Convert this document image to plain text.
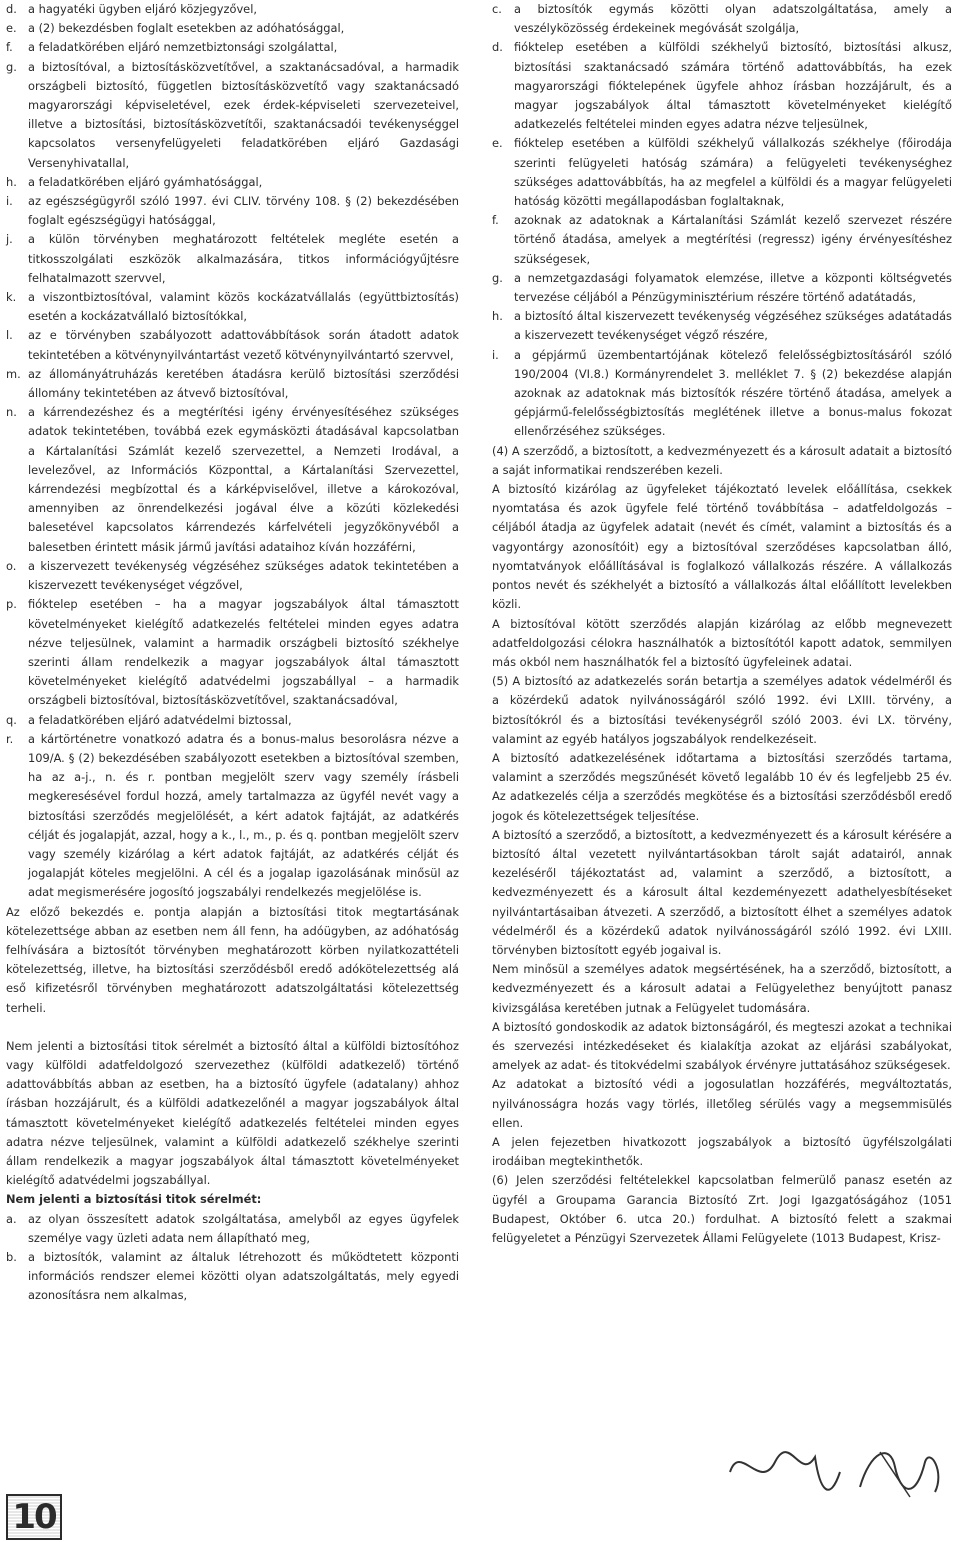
d. a hagyatéki ügyben eljáró közjegyzővel,
e. a (2) bekezdésben foglalt esetekben az adóhatósággal,
f.	a feladatkörében eljáró nemzetbiztonsági szolgálattal,
g. a biztosítóval, a biztosításközvetítővel, a szaktanácsadóval, a harmadik országbeli biztosító, független biztosításközvetítő vagy szaktanácsadó magyarországi képviseletével, ezek érdek-képviseleti szervezeteivel, illetve a biztosítási, biztosításközvetítői, szaktanácsadói tevékenységgel kapcsolatos versenyfelügyeleti feladatkörében eljáró Gazdasági Versenyhivatallal,
h. a feladatkörében eljáró gyámhatósággal,
i.	az egészségügyről szóló 1997. évi CLIV. törvény 108. § (2) bekezdésében foglalt egészségügyi hatósággal,
j.	a külön törvényben meghatározott feltételek megléte esetén a titkosszolgálati eszközök alkalmazására, titkos információgyűjtésre felhatalmazott szervvel,
k.	a viszontbiztosítóval, valamint közös kockázatvállalás (együttbiztosítás) esetén a kockázatvállaló biztosítókkal,
l.	az e törvényben szabályozott adattovábbítások során átadott adatok tekintetében a kötvénynyilvántartást vezető kötvénynyilvántartó szervvel,
m. az állományátruházás keretében átadásra kerülő biztosítási szerződési állomány tekintetében az átvevő biztosítóval,
n. a kárrendezéshez és a megtérítési igény érvényesítéséhez szükséges adatok tekintetében, továbbá ezek egymásközti átadásával kapcsolatban a Kártalanítási Számlát kezelő szervezettel, a Nemzeti Irodával, a levelezővel, az Információs Központtal, a Kártalanítási Szervezettel, kárrendezési megbízottal és a kárképviselővel, illetve a károkozóval, amennyiben az önrendelkezési jogával élve a közúti közlekedési balesetével kapcsolatos kárrendezés kárfelvételi jegyzőkönyvéből a balesetben érintett másik jármű javítási adataihoz kíván hozzáférni,
o.	a kiszervezett tevékenység végzéséhez szükséges adatok tekintetében a kiszervezett tevékenységet végzővel,
p. fióktelep esetében – ha a magyar jogszabályok által támasztott követelményeket kielégítő adatkezelés feltételei minden egyes adatra nézve teljesülnek, valamint a harmadik országbeli biztosító székhelye szerinti állam rendelkezik a magyar jogszabályok által támasztott követelményeket kielégítő adatvédelmi jogszabállyal – a harmadik országbeli biztosítóval, biztosításközvetítővel, szaktanácsadóval,
q. a feladatkörében eljáró adatvédelmi biztossal,
r.	a kártörténetre vonatkozó adatra és a bonus-malus besorolásra nézve a 109/A. § (2) bekezdésében szabályozott esetekben a biztosítóval szemben, ha az a-j., n. és r. pontban megjelölt szerv vagy személy írásbeli megkeresésével fordul hozzá, amely tartalmazza az ügyfél nevét vagy a biztosítási szerződés megjelölését, a kért adatok fajtáját, az adatkérés célját és jogalapját, azzal, hogy a k., l., m., p. és q. pontban megjelölt szerv vagy személy kizárólag a kért adatok fajtáját, az adatkérés célját és jogalapját köteles megjelölni. A cél és a jogalap igazolásának minősül az adat megismerésére jogosító jogszabályi rendelkezés megjelölése is.

Az előző bekezdés e. pontja alapján a biztosítási titok megtartásának kötelezettsége abban az esetben nem áll fenn, ha adóügyben, az adóhatóság felhívására a biztosítót törvényben meghatározott körben nyilatkozattételi kötelezettség, illetve, ha biztosítási szerződésből eredő adókötelezettség alá eső kifizetésről törvényben meghatározott adatszolgáltatási kötelezettség terheli.

Nem jelenti a biztosítási titok sérelmét a biztosító által a külföldi biztosítóhoz vagy külföldi adatfeldolgozó szervezethez (külföldi adatkezelő) történő adattovábbítás abban az esetben, ha a biztosító ügyfele (adatalany) ahhoz írásban hozzájárult, és a külföldi adatkezelőnél a magyar jogszabályok által támasztott követelményeket kielégítő adatkezelés feltételei minden egyes adatra nézve teljesülnek, valamint a külföldi adatkezelő székhelye szerinti állam rendelkezik a magyar jogszabályok által támasztott követelményeket kielégítő adatvédelmi jogszabállyal.

Nem jelenti a biztosítási titok sérelmét:

a. az olyan összesített adatok szolgáltatása, amelyből az egyes ügyfelek személye vagy üzleti adata nem állapítható meg,
b. a biztosítók, valamint az általuk létrehozott és működtetett központi információs rendszer elemei közötti olyan adatszolgáltatás, mely egyedi azonosításra nem alkalmas,
c.	a biztosítók egymás közötti olyan adatszolgáltatása, amely a veszélyközösség érdekeinek megóvását szolgálja,
d. fióktelep esetében a külföldi székhelyű biztosító, biztosítási alkusz, biztosítási szaktanácsadó számára történő adattovábbítás, ha ezek magyarországi fióktelepének ügyfele ahhoz írásban hozzájárult, és a magyar jogszabályok által támasztott követelményeket kielégítő adatkezelés feltételei minden egyes adatra nézve teljesülnek,
e. fióktelep esetében a külföldi székhelyű vállalkozás székhelye (főirodája szerinti felügyeleti hatóság számára) a felügyeleti tevékenységhez szükséges adattovábbítás, ha az megfelel a külföldi és a magyar felügyeleti hatóság közötti megállapodásban foglaltaknak,
f.	azoknak az adatoknak a Kártalanítási Számlát kezelő szervezet részére történő átadása, amelyek a megtérítési (regressz) igény érvényesítéshez szükségesek,
g. a nemzetgazdasági folyamatok elemzése, illetve a központi költségvetés tervezése céljából a Pénzügyminisztérium részére történő adatátadás,
h. a biztosító által kiszervezett tevékenység végzéséhez szükséges adatátadás a kiszervezett tevékenységet végző részére,
i.	a gépjármű üzembentartójának kötelező felelősségbiztosításáról szóló 190/2004 (VI.8.) Kormányrendelet 3. melléklet 7. § (2) bekezdése alapján azoknak az adatoknak más biztosítók részére történő átadása, amelyek a gépjármű-felelősségbiztosítás meglétének illetve a bonus-malus fokozat ellenőrzéséhez szükséges.

(4) A szerződő, a biztosított, a kedvezményezett és a károsult adatait a biztosító a saját informatikai rendszerében kezeli.

A biztosító kizárólag az ügyfeleket tájékoztató levelek előállítása, csekkek nyomtatása és azok ügyfele felé történő továbbítása – adatfeldolgozás – céljából átadja az ügyfelek adatait (nevét és címét, valamint a biztosítás és a vagyontárgy azonosítóit) egy a biztosítóval szerződéses kapcsolatban álló, nyomtatványok előállításával is foglalkozó vállalkozás részére. A vállalkozás pontos nevét és székhelyét a biztosító a vállalkozás által előállított levelekben közli.

A biztosítóval kötött szerződés alapján kizárólag az előbb megnevezett adatfeldolgozási célokra használhatók a biztosítótól kapott adatok, semmilyen más okból nem használhatók fel a biztosító ügyfeleinek adatai.

(5) A biztosító az adatkezelés során betartja a személyes adatok védelméről és a közérdekű adatok nyilvánosságáról szóló 1992. évi LXIII. törvény, a biztosítókról és a biztosítási tevékenységről szóló 2003. évi LX. törvény, valamint az egyéb hatályos jogszabályok rendelkezéseit.

A biztosító adatkezelésének időtartama a biztosítási szerződés tartama, valamint a szerződés megszűnését követő legalább 10 év és legfeljebb 25 év. Az adatkezelés célja a szerződés megkötése és a biztosítási szerződésből eredő jogok és kötelezettségek teljesítése.

A biztosító a szerződő, a biztosított, a kedvezményezett és a károsult kérésére a biztosító által vezetett nyilvántartásokban tárolt saját adatairól, annak kezeléséről tájékoztatást ad, valamint a szerződő, a biztosított, a kedvezményezett és a károsult által kezdeményezett adathelyesbítéseket nyilvántartásaiban átvezeti. A szerződő, a biztosított élhet a személyes adatok védelméről és a közérdekű adatok nyilvánosságáról szóló 1992. évi LXIII. törvényben biztosított egyéb jogaival is.

Nem minősül a személyes adatok megsértésének, ha a szerződő, biztosított, a kedvezményezett és a károsult adatai a Felügyelethez benyújtott panasz kivizsgálása keretében jutnak a Felügyelet tudomására.

A biztosító gondoskodik az adatok biztonságáról, és megteszi azokat a technikai és szervezési intézkedéseket és kialakítja azokat az eljárási szabályokat, amelyek az adat- és titokvédelmi szabályok érvényre juttatásához szükségesek.

Az adatokat a biztosító védi a jogosulatlan hozzáférés, megváltoztatás, nyilvánosságra hozás vagy törlés, illetőleg sérülés vagy a megsemmisülés ellen.

A jelen fejezetben hivatkozott jogszabályok a biztosító ügyfélszolgálati irodáiban megtekinthetők.

(6) Jelen szerződési feltételekkel kapcsolatban felmerülő panasz esetén az ügyfél a Groupama Garancia Biztosító Zrt. Jogi Igazgatóságához (1051 Budapest, Október 6. utca 20.) fordulhat. A biztosító felett a szakmai felügyeletet a Pénzügyi Szervezetek Állami Felügyelete (1013 Budapest, Krisz-

10
